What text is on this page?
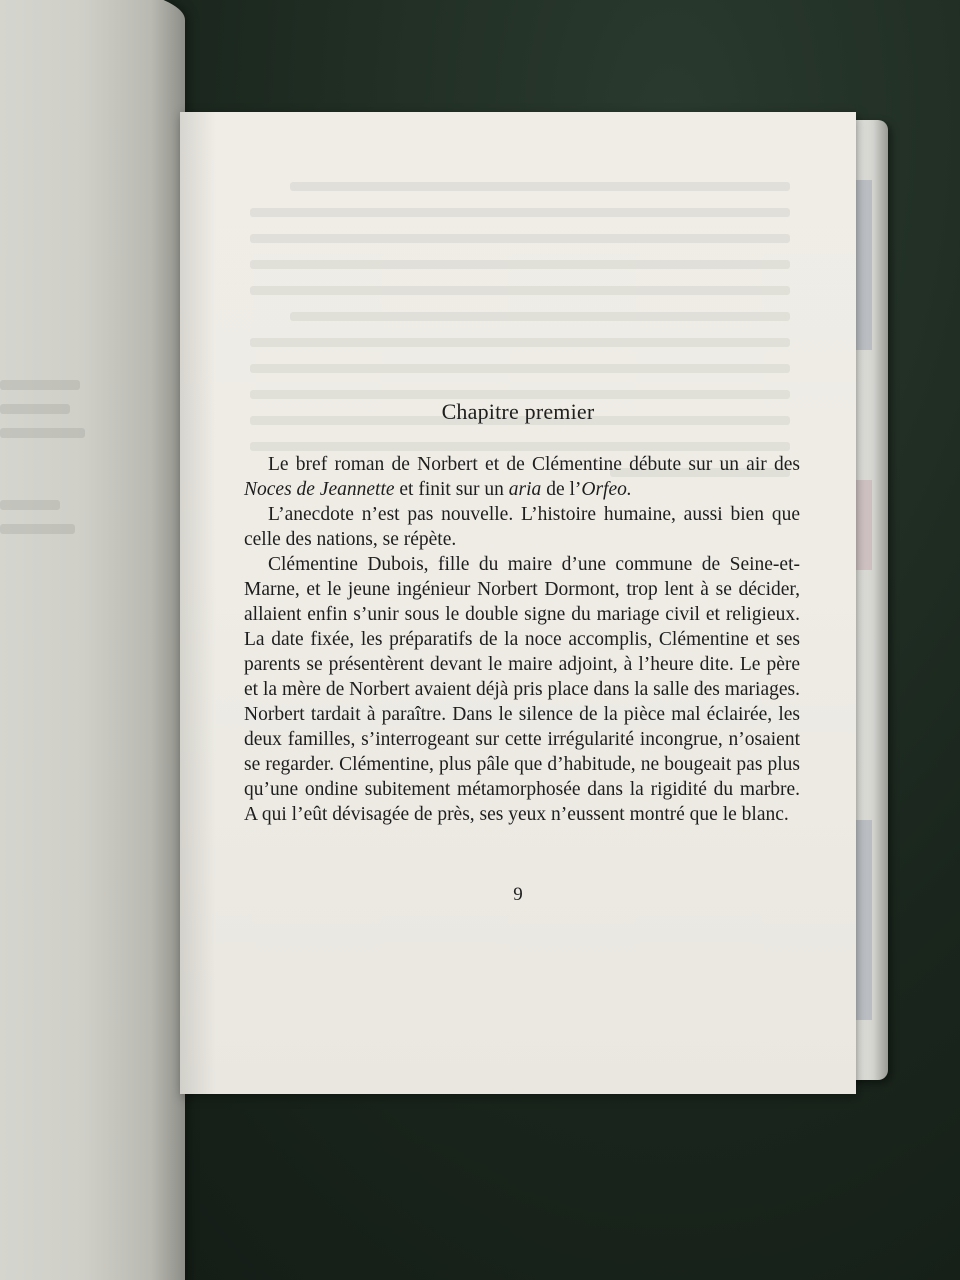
Chapitre premier

Le bref roman de Norbert et de Clémentine débute sur un air des Noces de Jeannette et finit sur un aria de l’Orfeo.

L’anecdote n’est pas nouvelle. L’histoire humaine, aussi bien que celle des nations, se répète.

Clémentine Dubois, fille du maire d’une commune de Seine-et-Marne, et le jeune ingénieur Norbert Dormont, trop lent à se décider, allaient enfin s’unir sous le double signe du mariage civil et religieux. La date fixée, les préparatifs de la noce accomplis, Clémentine et ses parents se présentèrent devant le maire adjoint, à l’heure dite. Le père et la mère de Norbert avaient déjà pris place dans la salle des mariages. Norbert tardait à paraître. Dans le silence de la pièce mal éclairée, les deux familles, s’interrogeant sur cette irrégularité incongrue, n’osaient se regarder. Clémentine, plus pâle que d’habitude, ne bougeait pas plus qu’une ondine subitement métamorphosée dans la rigidité du marbre. A qui l’eût dévisagée de près, ses yeux n’eussent montré que le blanc.

9
